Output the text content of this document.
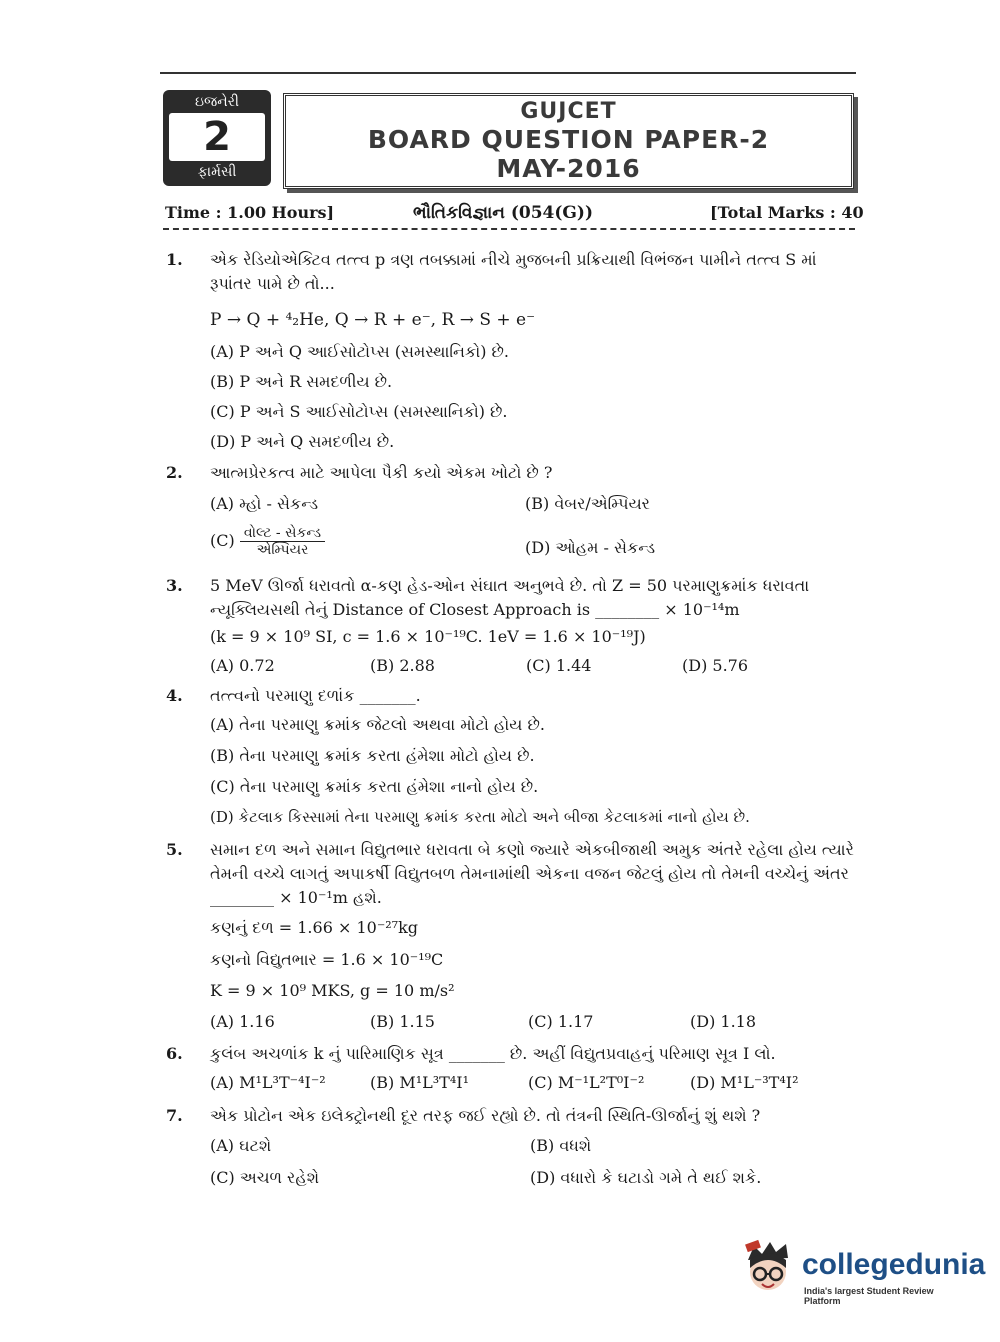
ઇજનેરી
2
ફાર્મસી
GUJCET
BOARD QUESTION PAPER-2
MAY-2016
Time : 1.00 Hours]	ભૌતિકવિજ્ઞાન (054(G))	[Total Marks : 40
1. એક રેડિયોએક્ટિવ તત્ત્વ p ત્રણ તબક્કામાં નીચે મુજબની પ્રક્રિયાથી વિભંજન પામીને તત્ત્વ S માં રૂપાંતર પામે છે તો...
P → Q + ⁴₂He, Q → R + e⁻, R → S + e⁻
(A) P અને Q આઈસોટોપ્સ (સમસ્થાનિકો) છે.
(B) P અને R સમદળીય છે.
(C) P અને S આઈસોટોપ્સ (સમસ્થાનિકો) છે.
(D) P અને Q સમદળીય છે.
2. આત્મપ્રેરકત્વ માટે આપેલા પૈકી કયો એકમ ખોટો છે ?
(A) મ્હો - સેકન્ડ	(B) વેબર/એમ્પિયર
$(C) \frac{\text{વોલ્ટ - સેકન્ડ}}{\text{એમ્પિયર}}$	(D) ઓહમ - સેકન્ડ
3. 5 MeV ઊર્જા ધરાવતો α-કણ હેડ-ઓન સંઘાત અનુભવે છે. તો Z = 50 પરમાણુક્રમાંક ધરાવતા ન્યૂક્લિયસથી તેનું Distance of Closest Approach is ________ × 10⁻¹⁴m
(k = 9 × 10⁹ SI, c = 1.6 × 10⁻¹⁹C. 1eV = 1.6 × 10⁻¹⁹J)
(A) 0.72	(B) 2.88	(C) 1.44	(D) 5.76
4. તત્ત્વનો પરમાણુ દળાંક _______.
(A) તેના પરમાણુ ક્રમાંક જેટલો અથવા મોટો હોય છે.
(B) તેના પરમાણુ ક્રમાંક કરતા હંમેશા મોટો હોય છે.
(C) તેના પરમાણુ ક્રમાંક કરતા હંમેશા નાનો હોય છે.
(D) કેટલાક કિસ્સામાં તેના પરમાણુ ક્રમાંક કરતા મોટો અને બીજા કેટલાકમાં નાનો હોય છે.
5. સમાન દળ અને સમાન વિદ્યુતભાર ધરાવતા બે કણો જ્યારે એકબીજાથી અમુક અંતરે રહેલા હોય ત્યારે તેમની વચ્ચે લાગતું અપાકર્ષી વિદ્યુતબળ તેમનામાંથી એકના વજન જેટલું હોય તો તેમની વચ્ચેનું અંતર ________ × 10⁻¹m હશે.
કણનું દળ = 1.66 × 10⁻²⁷kg
કણનો વિદ્યુતભાર = 1.6 × 10⁻¹⁹C
K = 9 × 10⁹ MKS, g = 10 m/s²
(A) 1.16	(B) 1.15	(C) 1.17	(D) 1.18
6. કુલંબ અચળાંક k નું પારિમાણિક સૂત્ર _______ છે. અહીં વિદ્યુતપ્રવાહનું પરિમાણ સૂત્ર I લો.
(A) M¹L³T⁻⁴I⁻²	(B) M¹L³T⁴I¹	(C) M⁻¹L²T⁰I⁻²	(D) M¹L⁻³T⁴I²
7. એક પ્રોટોન એક ઇલેક્ટ્રોનથી દૂર તરફ જઈ રહ્યો છે. તો તંત્રની સ્થિતિ-ઊર્જાનું શું થશે ?
(A) ઘટશે	(B) વધશે
(C) અચળ રહેશે	(D) વધારો કે ઘટાડો ગમે તે થઈ શકે.
collegedunia
India's largest Student Review Platform
